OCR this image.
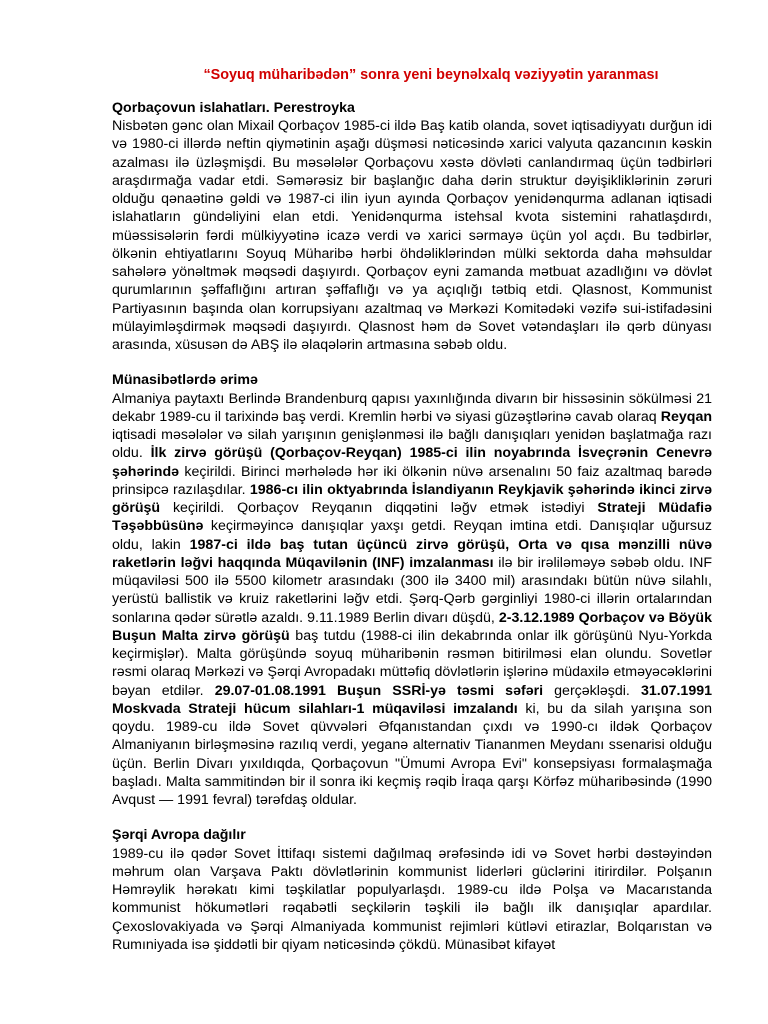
“Soyuq müharibədən” sonra yeni beynəlxalq vəziyyətin yaranması
Qorbaçovun islahatları. Perestroyka

Nisbətən gənc olan Mixail Qorbaçov 1985-ci ildə Baş katib olanda, sovet iqtisadiyyatı durğun idi və 1980-ci illərdə neftin qiymətinin aşağı düşməsi nəticəsində xarici valyuta qazancının kəskin azalması ilə üzləşmişdi. Bu məsələlər Qorbaçovu xəstə dövləti canlandırmaq üçün tədbirləri araşdırmağa vadar etdi. Səmərəsiz bir başlanğıc daha dərin struktur dəyişikliklərinin zəruri olduğu qənaətinə gəldi və 1987-ci ilin iyun ayında Qorbaçov yenidənqurma adlanan iqtisadi islahatların gündəliyini elan etdi. Yenidənqurma istehsal kvota sistemini rahatlaşdırdı, müəssisələrin fərdi mülkiyyətinə icazə verdi və xarici sərmayə üçün yol açdı. Bu tədbirlər, ölkənin ehtiyatlarını Soyuq Müharibə hərbi öhdəliklərindən mülki sektorda daha məhsuldar sahələrə yönəltmək məqsədi daşıyırdı. Qorbaçov eyni zamanda mətbuat azadlığını və dövlət qurumlarının şəffaflığını artıran şəffaflığı və ya açıqlığı tətbiq etdi. Qlasnost, Kommunist Partiyasının başında olan korrupsiyanı azaltmaq və Mərkəzi Komitədəki vəzifə sui-istifadəsini mülayimləşdirmək məqsədi daşıyırdı. Qlasnost həm də Sovet vətəndaşları ilə qərb dünyası arasında, xüsusən də ABŞ ilə əlaqələrin artmasına səbəb oldu.

Münasibətlərdə ərimə

Almaniya paytaxtı Berlində Brandenburq qapısı yaxınlığında divarın bir hissəsinin sökülməsi 21 dekabr 1989-cu il tarixində baş verdi. Kremlin hərbi və siyasi güzəştlərinə cavab olaraq Reyqan iqtisadi məsələlər və silah yarışının genişlənməsi ilə bağlı danışıqları yenidən başlatmağa razı oldu. İlk zirvə görüşü (Qorbaçov-Reyqan) 1985-ci ilin noyabrında İsveçrənin Cenevrə şəhərində keçirildi. Birinci mərhələdə hər iki ölkənin nüvə arsenalını 50 faiz azaltmaq barədə prinsipcə razılaşdılar. 1986-cı ilin oktyabrında İslandiyanın Reykjavik şəhərində ikinci zirvə görüşü keçirildi. Qorbaçov Reyqanın diqqətini ləğv etmək istədiyi Strateji Müdafiə Təşəbbüsünə keçirməyincə danışıqlar yaxşı getdi. Reyqan imtina etdi. Danışıqlar uğursuz oldu, lakin 1987-ci ildə baş tutan üçüncü zirvə görüşü, Orta və qısa mənzilli nüvə raketlərin ləğvi haqqında Müqavilənin (INF) imzalanması ilə bir irəliləməyə səbəb oldu. INF müqaviləsi 500 ilə 5500 kilometr arasındakı (300 ilə 3400 mil) arasındakı bütün nüvə silahlı, yerüstü ballistik və kruiz raketlərini ləğv etdi. Şərq-Qərb gərginliyi 1980-ci illərin ortalarından sonlarına qədər sürətlə azaldı. 9.11.1989 Berlin divarı düşdü, 2-3.12.1989 Qorbaçov və Böyük Buşun Malta zirvə görüşü baş tutdu (1988-ci ilin dekabrında onlar ilk görüşünü Nyu-Yorkda keçirmişlər). Malta görüşündə soyuq müharibənin rəsmən bitirilməsi elan olundu. Sovetlər rəsmi olaraq Mərkəzi və Şərqi Avropadakı müttəfiq dövlətlərin işlərinə müdaxilə etməyəcəklərini bəyan etdilər. 29.07-01.08.1991 Buşun SSRİ-yə təsmi səfəri gerçəkləşdi. 31.07.1991 Moskvada Strateji hücum silahları-1 müqaviləsi imzalandı ki, bu da silah yarışına son qoydu. 1989-cu ildə Sovet qüvvələri Əfqanıstandan çıxdı və 1990-cı ildək Qorbaçov Almaniyanın birləşməsinə razılıq verdi, yeganə alternativ Tiananmen Meydanı ssenarisi olduğu üçün. Berlin Divarı yıxıldıqda, Qorbaçovun "Ümumi Avropa Evi" konsepsiyası formalaşmağa başladı. Malta sammitindən bir il sonra iki keçmiş rəqib İraqa qarşı Körfəz müharibəsində (1990 Avqust — 1991 fevral) tərəfdaş oldular.

Şərqi Avropa dağılır

1989-cu ilə qədər Sovet İttifaqı sistemi dağılmaq ərəfəsində idi və Sovet hərbi dəstəyindən məhrum olan Varşava Paktı dövlətlərinin kommunist liderləri güclərini itirirdilər. Polşanın Həmrəylik hərəkatı kimi təşkilatlar populyarlaşdı. 1989-cu ildə Polşa və Macarıstanda kommunist hökumətləri rəqabətli seçkilərin təşkili ilə bağlı ilk danışıqlar apardılar. Çexoslovakiyada və Şərqi Almaniyada kommunist rejimləri kütləvi etirazlar, Bolqarıstan və Rumıniyada isə şiddətli bir qiyam nəticəsində çökdü. Münasibət kifayət
